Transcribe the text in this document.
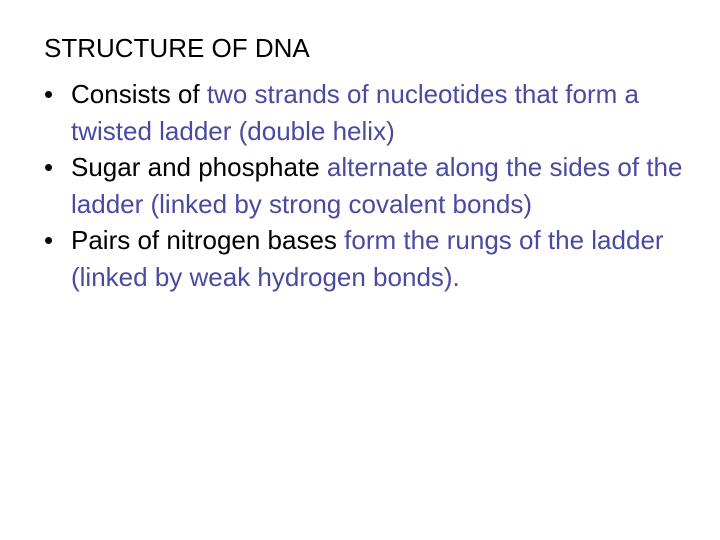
STRUCTURE OF DNA
• Consists of two strands of nucleotides that form a twisted ladder (double helix)
• Sugar and phosphate alternate along the sides of the ladder (linked by strong covalent bonds)
• Pairs of nitrogen bases form the rungs of the ladder (linked by weak hydrogen bonds).
